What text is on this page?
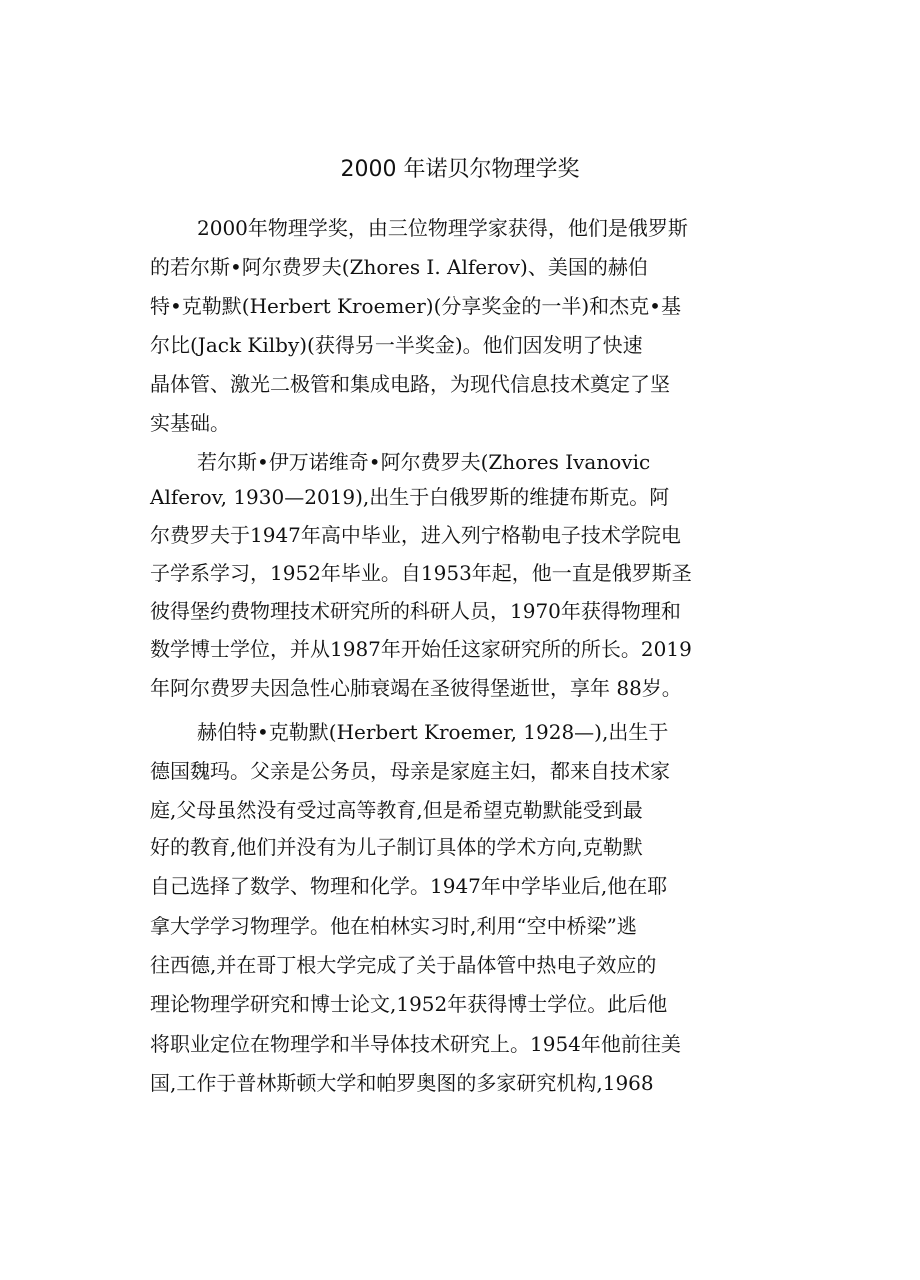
2000 年诺贝尔物理学奖

2000年物理学奖，由三位物理学家获得，他们是俄罗斯

的若尔斯•阿尔费罗夫(Zhores I. Alferov)、美国的赫伯

特•克勒默(Herbert Kroemer)(分享奖金的一半)和杰克•基

尔比(Jack Kilby)(获得另一半奖金)。他们因发明了快速

晶体管、激光二极管和集成电路，为现代信息技术奠定了坚

实基础。

若尔斯•伊万诺维奇•阿尔费罗夫(Zhores Ivanovic

Alferov, 1930—2019),出生于白俄罗斯的维捷布斯克。阿

尔费罗夫于1947年高中毕业，进入列宁格勒电子技术学院电

子学系学习，1952年毕业。自1953年起，他一直是俄罗斯圣

彼得堡约费物理技术研究所的科研人员，1970年获得物理和

数学博士学位，并从1987年开始任这家研究所的所长。2019

年阿尔费罗夫因急性心肺衰竭在圣彼得堡逝世，享年 88岁。

赫伯特•克勒默(Herbert Kroemer, 1928—),出生于

德国魏玛。父亲是公务员，母亲是家庭主妇，都来自技术家

庭,父母虽然没有受过高等教育,但是希望克勒默能受到最

好的教育,他们并没有为儿子制订具体的学术方向,克勒默

自己选择了数学、物理和化学。1947年中学毕业后,他在耶

拿大学学习物理学。他在柏林实习时,利用“空中桥梁”逃

往西德,并在哥丁根大学完成了关于晶体管中热电子效应的

理论物理学研究和博士论文,1952年获得博士学位。此后他

将职业定位在物理学和半导体技术研究上。1954年他前往美

国,工作于普林斯顿大学和帕罗奥图的多家研究机构,1968
